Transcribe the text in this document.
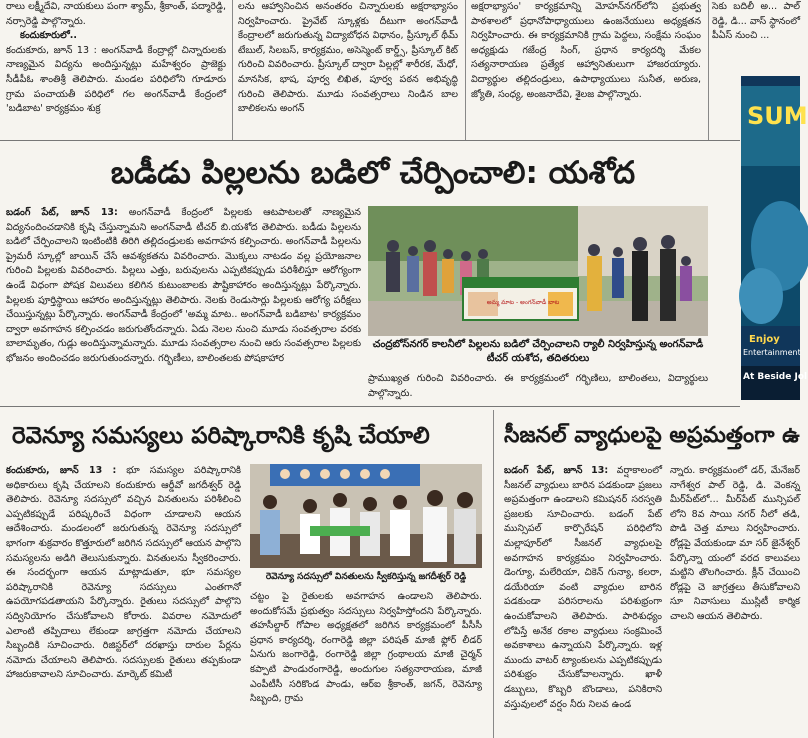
రాలు లక్ష్మీదేవి, నాయకులు పంగా శ్యామ్, శ్రీకాంత్, పద్మారెడ్డి, నర్సారెడ్డి పాల్గొన్నారు.

కందుకూరులో..

కందుకూరు, జూన్ 13 : అంగన్‌వాడీ కేంద్రాల్లో చిన్నారులకు నాణ్యమైన విద్యను అందిస్తున్నట్లు మహేశ్వరం ప్రాజెక్టు సీడీపీఓ శాంతిశ్రీ తెలిపారు. మండల పరిధిలోని గూడూరు గ్రామ పంచాయతీ పరిధిలో గల అంగన్‌వాడీ కేంద్రంలో 'బడిబాట' కార్యక్రమం శుక్ర

లను ఆహ్వానించిన అనంతరం చిన్నారులకు అక్షరాభ్యాసం నిర్వహించారు. ప్రైవేట్ స్కూళ్లకు దీటుగా అంగన్‌వాడీ కేంద్రాలలో జరుగుతున్న విద్యాబోధన విధానం, ప్రీస్కూల్ థీమ్ టేబుల్, సిలబస్, కార్యక్రమం, అసెస్మెంట్ కార్డ్స్, ప్రీస్కూల్ కిట్ గురించి వివరించారు. ప్రీస్కూల్ ద్వారా పిల్లల్లో శారీరక, మేధో, మానసిక, భాష, పూర్వ లిఖిత, పూర్వ పఠన అభివృద్ధి గురించి తెలిపారు. మూడు సంవత్సరాలు నిండిన బాల బాలికలను అంగన్

అక్షరాభ్యాసం' కార్యక్రమాన్ని మోహన్‌నగర్‌లోని ప్రభుత్వ పాఠశాలలో ప్రధానోపాధ్యాయులు ఉంజనేయులు అధ్యక్షతన నిర్వహించారు. ఈ కార్యక్రమానికి గ్రామ పెద్దలు, సంక్షేమ సంఘం అధ్యక్షుడు గజేంద్ర సింగ్, ప్రధాన కార్యదర్శి మేకల సత్యనారాయణ ప్రత్యేక ఆహ్వానితులుగా హాజరయ్యారు. విద్యార్థుల తల్లిదండ్రులు, ఉపాధ్యాయులు సునీత, అరుణ, జ్యోతి, సంధ్య, అంజనాదేవి, శైలజ పాల్గొన్నారు.

సెకు బదిలీ అ... పాల్ రెడ్డి, డి... వాస్ స్థానంలో పీఏస్ నుంచి ...

బడీడు పిల్లలను బడిలో చేర్పించాలి: యశోద

బడంగ్ పేట్, జూన్ 13: అంగన్‌వాడీ కేంద్రంలో పిల్లలకు ఆటపాటలతో నాణ్యమైన విద్యనందించడానికి కృషి చేస్తున్నామని అంగన్‌వాడీ టీచర్ బి.యశోద తెలిపారు. బడీడు పిల్లలను బడిలో చేర్పించాలని ఇంటింటికి తిరిగి తల్లిదండ్రులకు అవగాహన కల్పించారు. అంగన్‌వాడీ పిల్లలను ప్రైమరీ స్కూల్లో జాయిన్ చేసే ఆవశ్యకతను వివరించారు. మొక్కలు నాటడం వల్ల ప్రయోజనాల గురించి పిల్లలకు వివరించారు. పిల్లలు ఎత్తు, బరువులను ఎప్పటికప్పుడు పరిశీలిస్తూ ఆరోగ్యంగా ఉండే విధంగా పోషక విలువలు కలిగిన కుటుంబాలకు పౌష్టికాహారం అందిస్తున్నట్లు పేర్కొన్నారు. పిల్లలకు పూర్తిస్థాయి ఆహారం అందిస్తున్నట్లు తెలిపారు. నెలకు రెండుసార్లు పిల్లలకు ఆరోగ్య పరీక్షలు చేయిస్తున్నట్లు పేర్కొన్నారు. అంగన్‌వాడీ కేంద్రంలో 'అమ్మ మాట.. అంగన్‌వాడీ బడిబాట' కార్యక్రమం ద్వారా అవగాహన కల్పించడం జరుగుతోందన్నారు. ఏడు నెలల నుంచి మూడు సంవత్సరాల వరకు బాలామృతం, గుడ్లు అందిస్తున్నామన్నారు. మూడు సంవత్సరాల నుంచి ఆరు సంవత్సరాల పిల్లలకు భోజనం అందించడం జరుగుతుందన్నారు. గర్భిణీలు, బాలింతలకు పోషకాహార

అమ్మ మాట - అంగన్‌వాడీ బాట
చంద్రబోస్‌నగర్ కాలనీలో పిల్లలను బడిలో చేర్పించాలని ర్యాలీ నిర్వహిస్తున్న అంగన్‌వాడీ టీచర్ యశోద, తదితరులు

ప్రాముఖ్యత గురించి వివరించారు. ఈ కార్యక్రమంలో గర్భిణిలు, బాలింతలు, విద్యార్థులు పాల్గొన్నారు.

SUM
Enjoy
Entertainment
At Beside Jol
రెవెన్యూ సమస్యలు పరిష్కారానికి కృషి చేయాలి

కందుకూరు, జూన్ 13 : భూ సమస్యల పరిష్కారానికి అధికారులు కృషి చేయాలని కందుకూరు ఆర్డీవో జగదీశ్వర్ రెడ్డి తెలిపారు. రెవెన్యూ సదస్సులో వచ్చిన వినతులను పరిశీలించి ఎప్పటికప్పుడే పరిష్కరించే విధంగా చూడాలని ఆయన ఆదేశించారు. మండలంలో జరుగుతున్న రెవెన్యూ సదస్సులో భాగంగా శుక్రవారం కొత్తూరులో జరిగిన సదస్సులో ఆయన పాల్గొని సమస్యలను అడిగి తెలుసుకున్నారు. వినతులను స్వీకరించారు. ఈ సందర్భంగా ఆయన మాట్లాడుతూ, భూ సమస్యల పరిష్కారానికి రెవెన్యూ సదస్సులు ఎంతగానో ఉపయోగపడతాయని పేర్కొన్నారు. రైతులు సదస్సులో పాల్గొని సద్వినియోగం చేసుకోవాలని కోరారు. వివరాల నమోదులో ఎలాంటి తప్పిదాలు లేకుండా జాగ్రత్తగా నమోదు చేయాలని సిబ్బందికి సూచించారు. రిజిస్టర్‌లో దరఖాస్తు దారుల పేర్లను నమోదు చేయాలని తెలిపారు. సదస్సులకు రైతులు తప్పకుండా హాజరుకావాలని సూచించారు. మార్కెట్ కమిటీ

రెవెన్యూ సదస్సులో వినతులను స్వీకరిస్తున్న జగదీశ్వర్ రెడ్డి

చట్టం పై రైతులకు అవగాహన ఉండాలని తెలిపారు. అందుకోసమే ప్రభుత్వం సదస్సులు నిర్వహిస్తోందని పేర్కొన్నారు. తహసీల్దార్ గోపాల అధ్యక్షతలో జరిగిన కార్యక్రమంలో పీసీసీ ప్రధాన కార్యదర్శి, రంగారెడ్డి జిల్లా పరిషత్ మాజీ ఫ్లోర్ లీడర్ ఏనుగు జంగారెడ్డి, రంగారెడ్డి జిల్లా గ్రంథాలయ మాజీ చైర్మన్ కప్పాటి పాండురంగారెడ్డి, అందుగుల సత్యనారాయణ, మాజీ ఎంపీటీసీ సరికొండ పాండు, ఆర్‌ఐ శ్రీకాంత్, జగన్, రెవెన్యూ సిబ్బంది, గ్రామ

సీజనల్ వ్యాధులపై అప్రమత్తంగా ఉ

బడంగ్ పేట్, జూన్ 13: వర్షాకాలంలో సీజనల్ వ్యాధులు బారిన పడకుండా ప్రజలు అప్రమత్తంగా ఉండాలని కమిషనర్ సరస్వతి ప్రజలకు సూచించారు. బడంగ్ పేట్ మున్సిపల్ కార్పొరేషన్ పరిధిలోని మల్లాపూర్‌లో సీజనల్ వ్యాధులపై అవగాహన కార్యక్రమం నిర్వహించారు. డెంగ్యూ, మలేరియా, చికెన్ గున్యా, కలరా, డయేరియా వంటి వ్యాధుల బారిన పడకుండా పరిసరాలను పరిశుభ్రంగా ఉంచుకోవాలని తెలిపారు. పారిశుధ్యం లోపిస్తే అనేక రకాల వ్యాధులు సంక్రమించే అవకాశాలు ఉన్నాయని పేర్కొన్నారు. ఇళ్ల ముందు వాటర్ ట్యాంకులను ఎప్పటికప్పుడు పరిశుభ్రం చేసుకోవాలన్నారు. ఖాళీ డబ్బులు, కొబ్బరి బొండాలు, పనికిరాని వస్తువులలో వర్షం నీరు నిలవ ఉండ

న్నారు. కార్యక్రమంలో డర్, మేనేజర్ నాగేశ్వర పాల్ రెడ్డి, డి. వెంకన్న మీర్‌పేట్‌లో... మీర్‌పేట్ మున్సిపల్ లోని 8వ సాయి నగర్ నీలో తడి, పొడి చెత్త మాలు నిర్వహించారు. రోడ్లపై వేయకుండా మా సర్ జైనేశ్వర్ పేర్కొన్నా యంలో వరద కాలువలు మట్టిని తొలగించారు. క్లీన్ చేయించి రోడ్లపై చె జాగ్రత్తలు తీసుకోవాలని సూ నివాసులు ముస్లిటీ కార్మిక చాలని ఆయన తెలిపారు.
